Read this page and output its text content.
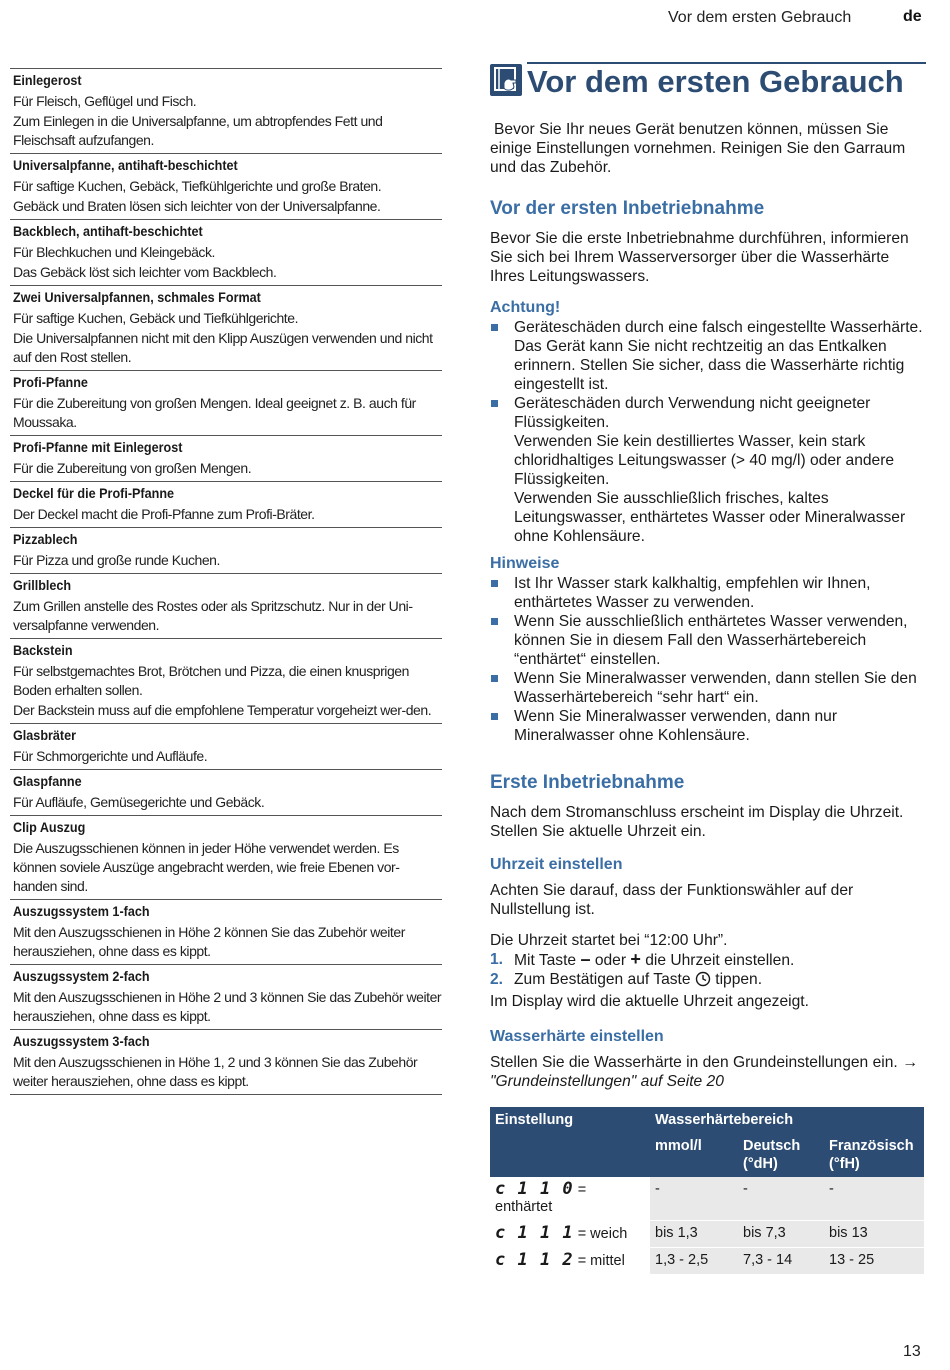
Vor dem ersten Gebrauch	de
Einlegerost
Für Fleisch, Geflügel und Fisch.
Zum Einlegen in die Universalpfanne, um abtropfendes Fett und Fleischsaft aufzufangen.
Universalpfanne, antihaft-beschichtet
Für saftige Kuchen, Gebäck, Tiefkühlgerichte und große Braten.
Gebäck und Braten lösen sich leichter von der Universalpfanne.
Backblech, antihaft-beschichtet
Für Blechkuchen und Kleingebäck.
Das Gebäck löst sich leichter vom Backblech.
Zwei Universalpfannen, schmales Format
Für saftige Kuchen, Gebäck und Tiefkühlgerichte.
Die Universalpfannen nicht mit den Klipp Auszügen verwenden und nicht auf den Rost stellen.
Profi-Pfanne
Für die Zubereitung von großen Mengen. Ideal geeignet z. B. auch für Moussaka.
Profi-Pfanne mit Einlegerost
Für die Zubereitung von großen Mengen.
Deckel für die Profi-Pfanne
Der Deckel macht die Profi-Pfanne zum Profi-Bräter.
Pizzablech
Für Pizza und große runde Kuchen.
Grillblech
Zum Grillen anstelle des Rostes oder als Spritzschutz. Nur in der Uni-versalpfanne verwenden.
Backstein
Für selbstgemachtes Brot, Brötchen und Pizza, die einen knusprigen Boden erhalten sollen.
Der Backstein muss auf die empfohlene Temperatur vorgeheizt wer-den.
Glasbräter
Für Schmorgerichte und Aufläufe.
Glaspfanne
Für Aufläufe, Gemüsegerichte und Gebäck.
Clip Auszug
Die Auszugsschienen können in jeder Höhe verwendet werden. Es können soviele Auszüge angebracht werden, wie freie Ebenen vor-handen sind.
Auszugssystem 1-fach
Mit den Auszugsschienen in Höhe 2 können Sie das Zubehör weiter herausziehen, ohne dass es kippt.
Auszugssystem 2-fach
Mit den Auszugsschienen in Höhe 2 und 3 können Sie das Zubehör weiter herausziehen, ohne dass es kippt.
Auszugssystem 3-fach
Mit den Auszugsschienen in Höhe 1, 2 und 3 können Sie das Zubehör weiter herausziehen, ohne dass es kippt.
Vor dem ersten Gebrauch
Bevor Sie Ihr neues Gerät benutzen können, müssen Sie einige Einstellungen vornehmen. Reinigen Sie den Garraum und das Zubehör.
Vor der ersten Inbetriebnahme
Bevor Sie die erste Inbetriebnahme durchführen, informieren Sie sich bei Ihrem Wasserversorger über die Wasserhärte Ihres Leitungswassers.
Achtung!
Geräteschäden durch eine falsch eingestellte Wasserhärte. Das Gerät kann Sie nicht rechtzeitig an das Entkalken erinnern. Stellen Sie sicher, dass die Wasserhärte richtig eingestellt ist.
Geräteschäden durch Verwendung nicht geeigneter Flüssigkeiten.
Verwenden Sie kein destilliertes Wasser, kein stark chloridhaltiges Leitungswasser (> 40 mg/l) oder andere Flüssigkeiten.
Verwenden Sie ausschließlich frisches, kaltes Leitungswasser, enthärtetes Wasser oder Mineralwasser ohne Kohlensäure.
Hinweise
Ist Ihr Wasser stark kalkhaltig, empfehlen wir Ihnen, enthärtetes Wasser zu verwenden.
Wenn Sie ausschließlich enthärtetes Wasser verwenden, können Sie in diesem Fall den Wasserhärtebereich “enthärtet“ einstellen.
Wenn Sie Mineralwasser verwenden, dann stellen Sie den Wasserhärtebereich “sehr hart“ ein.
Wenn Sie Mineralwasser verwenden, dann nur Mineralwasser ohne Kohlensäure.
Erste Inbetriebnahme
Nach dem Stromanschluss erscheint im Display die Uhrzeit. Stellen Sie aktuelle Uhrzeit ein.
Uhrzeit einstellen
Achten Sie darauf, dass der Funktionswähler auf der Nullstellung ist.
Die Uhrzeit startet bei “12:00 Uhr”.
1. Mit Taste – oder + die Uhrzeit einstellen.
2. Zum Bestätigen auf Taste tippen.
Im Display wird die aktuelle Uhrzeit angezeigt.
Wasserhärte einstellen
Stellen Sie die Wasserhärte in den Grundeinstellungen ein. → "Grundeinstellungen" auf Seite 20
Einstellung	Wasserhärtebereich		
	mmol/l	Deutsch (°dH)	Französisch (°fH)
c 1 1 0 = enthärtet	-	-	-
c 1 1 1 = weich	bis 1,3	bis 7,3	bis 13
c 1 1 2 = mittel	1,3 - 2,5	7,3 - 14	13 - 25
13
